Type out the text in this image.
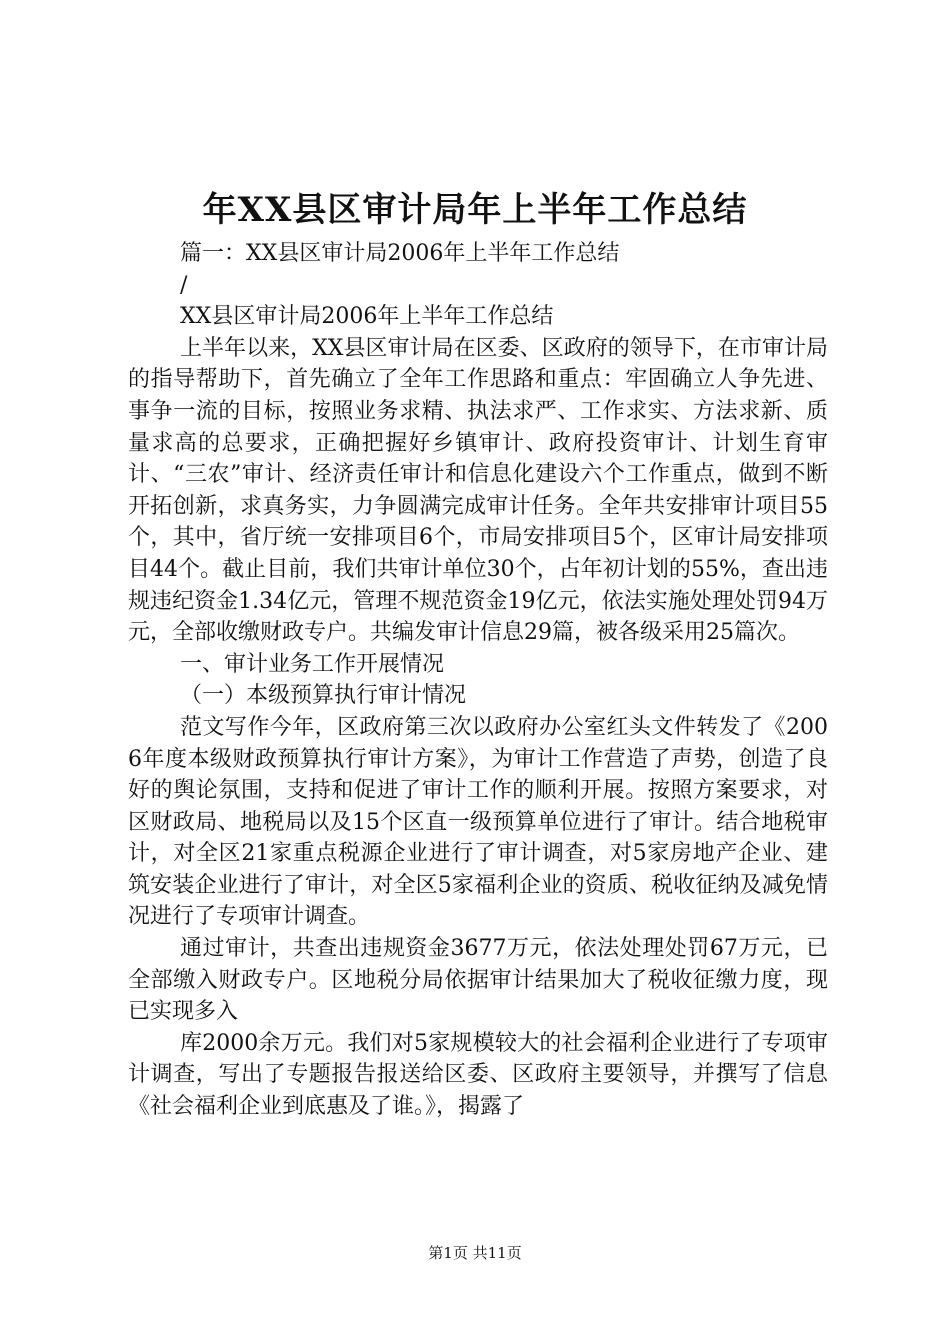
年XX县区审计局年上半年工作总结

篇一：XX县区审计局2006年上半年工作总结

/

XX县区审计局2006年上半年工作总结

上半年以来，XX县区审计局在区委、区政府的领导下，在市审计局的指导帮助下，首先确立了全年工作思路和重点：牢固确立人争先进、事争一流的目标，按照业务求精、执法求严、工作求实、方法求新、质量求高的总要求，正确把握好乡镇审计、政府投资审计、计划生育审计、“三农”审计、经济责任审计和信息化建设六个工作重点，做到不断开拓创新，求真务实，力争圆满完成审计任务。全年共安排审计项目55个，其中，省厅统一安排项目6个，市局安排项目5个，区审计局安排项目44个。截止目前，我们共审计单位30个，占年初计划的55%，查出违规违纪资金1.34亿元，管理不规范资金19亿元，依法实施处理处罚94万元，全部收缴财政专户。共编发审计信息29篇，被各级采用25篇次。

一、审计业务工作开展情况

（一）本级预算执行审计情况

范文写作今年，区政府第三次以政府办公室红头文件转发了《2006年度本级财政预算执行审计方案》，为审计工作营造了声势，创造了良好的舆论氛围，支持和促进了审计工作的顺利开展。按照方案要求，对区财政局、地税局以及15个区直一级预算单位进行了审计。结合地税审计，对全区21家重点税源企业进行了审计调查，对5家房地产企业、建筑安装企业进行了审计，对全区5家福利企业的资质、税收征纳及减免情况进行了专项审计调查。

通过审计，共查出违规资金3677万元，依法处理处罚67万元，已全部缴入财政专户。区地税分局依据审计结果加大了税收征缴力度，现已实现多入

库2000余万元。我们对5家规模较大的社会福利企业进行了专项审计调查，写出了专题报告报送给区委、区政府主要领导，并撰写了信息《社会福利企业到底惠及了谁。》，揭露了

第1页 共11页
